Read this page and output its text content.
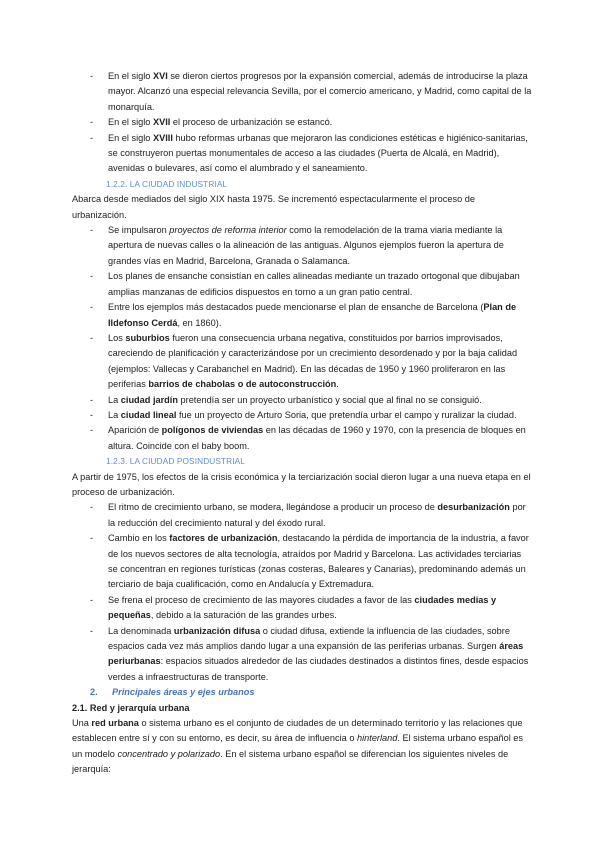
- En el siglo XVI se dieron ciertos progresos por la expansión comercial, además de introducirse la plaza mayor. Alcanzó una especial relevancia Sevilla, por el comercio americano, y Madrid, como capital de la monarquía.
- En el siglo XVII el proceso de urbanización se estancó.
- En el siglo XVIII hubo reformas urbanas que mejoraron las condiciones estéticas e higiénico-sanitarias, se construyeron puertas monumentales de acceso a las ciudades (Puerta de Alcalá, en Madrid), avenidas o bulevares, así como el alumbrado y el saneamiento.

1.2.2. LA CIUDAD INDUSTRIAL

Abarca desde mediados del siglo XIX hasta 1975. Se incrementó espectacularmente el proceso de urbanización.

- Se impulsaron proyectos de reforma interior como la remodelación de la trama viaria mediante la apertura de nuevas calles o la alineación de las antiguas. Algunos ejemplos fueron la apertura de grandes vías en Madrid, Barcelona, Granada o Salamanca.
- Los planes de ensanche consistían en calles alineadas mediante un trazado ortogonal que dibujaban amplias manzanas de edificios dispuestos en torno a un gran patio central.
- Entre los ejemplos más destacados puede mencionarse el plan de ensanche de Barcelona (Plan de Ildefonso Cerdá, en 1860).
- Los suburbios fueron una consecuencia urbana negativa, constituidos por barrios improvisados, careciendo de planificación y caracterizándose por un crecimiento desordenado y por la baja calidad (ejemplos: Vallecas y Carabanchel en Madrid). En las décadas de 1950 y 1960 proliferaron en las periferias barrios de chabolas o de autoconstrucción.
- La ciudad jardín pretendía ser un proyecto urbanístico y social que al final no se consiguió.
- La ciudad lineal fue un proyecto de Arturo Soria, que pretendía urbar el campo y ruralizar la ciudad.
- Aparición de polígonos de viviendas en las décadas de 1960 y 1970, con la presencia de bloques en altura. Coincide con el baby boom.

1.2.3. LA CIUDAD POSINDUSTRIAL

A partir de 1975, los efectos de la crisis económica y la terciarización social dieron lugar a una nueva etapa en el proceso de urbanización.

- El ritmo de crecimiento urbano, se modera, llegándose a producir un proceso de desurbanización por la reducción del crecimiento natural y del éxodo rural.
- Cambio en los factores de urbanización, destacando la pérdida de importancia de la industria, a favor de los nuevos sectores de alta tecnología, atraídos por Madrid y Barcelona. Las actividades terciarias se concentran en regiones turísticas (zonas costeras, Baleares y Canarias), predominando además un terciario de baja cualificación, como en Andalucía y Extremadura.
- Se frena el proceso de crecimiento de las mayores ciudades a favor de las ciudades medias y pequeñas, debido a la saturación de las grandes urbes.
- La denominada urbanización difusa o ciudad difusa, extiende la influencia de las ciudades, sobre espacios cada vez más amplios dando lugar a una expansión de las periferias urbanas. Surgen áreas periurbanas: espacios situados alrededor de las ciudades destinados a distintos fines, desde espacios verdes a infraestructuras de transporte.

2. Principales áreas y ejes urbanos

2.1. Red y jerarquía urbana

Una red urbana o sistema urbano es el conjunto de ciudades de un determinado territorio y las relaciones que establecen entre sí y con su entorno, es decir, su área de influencia o hinterland. El sistema urbano español es un modelo concentrado y polarizado. En el sistema urbano español se diferencian los siguientes niveles de jerarquía:
